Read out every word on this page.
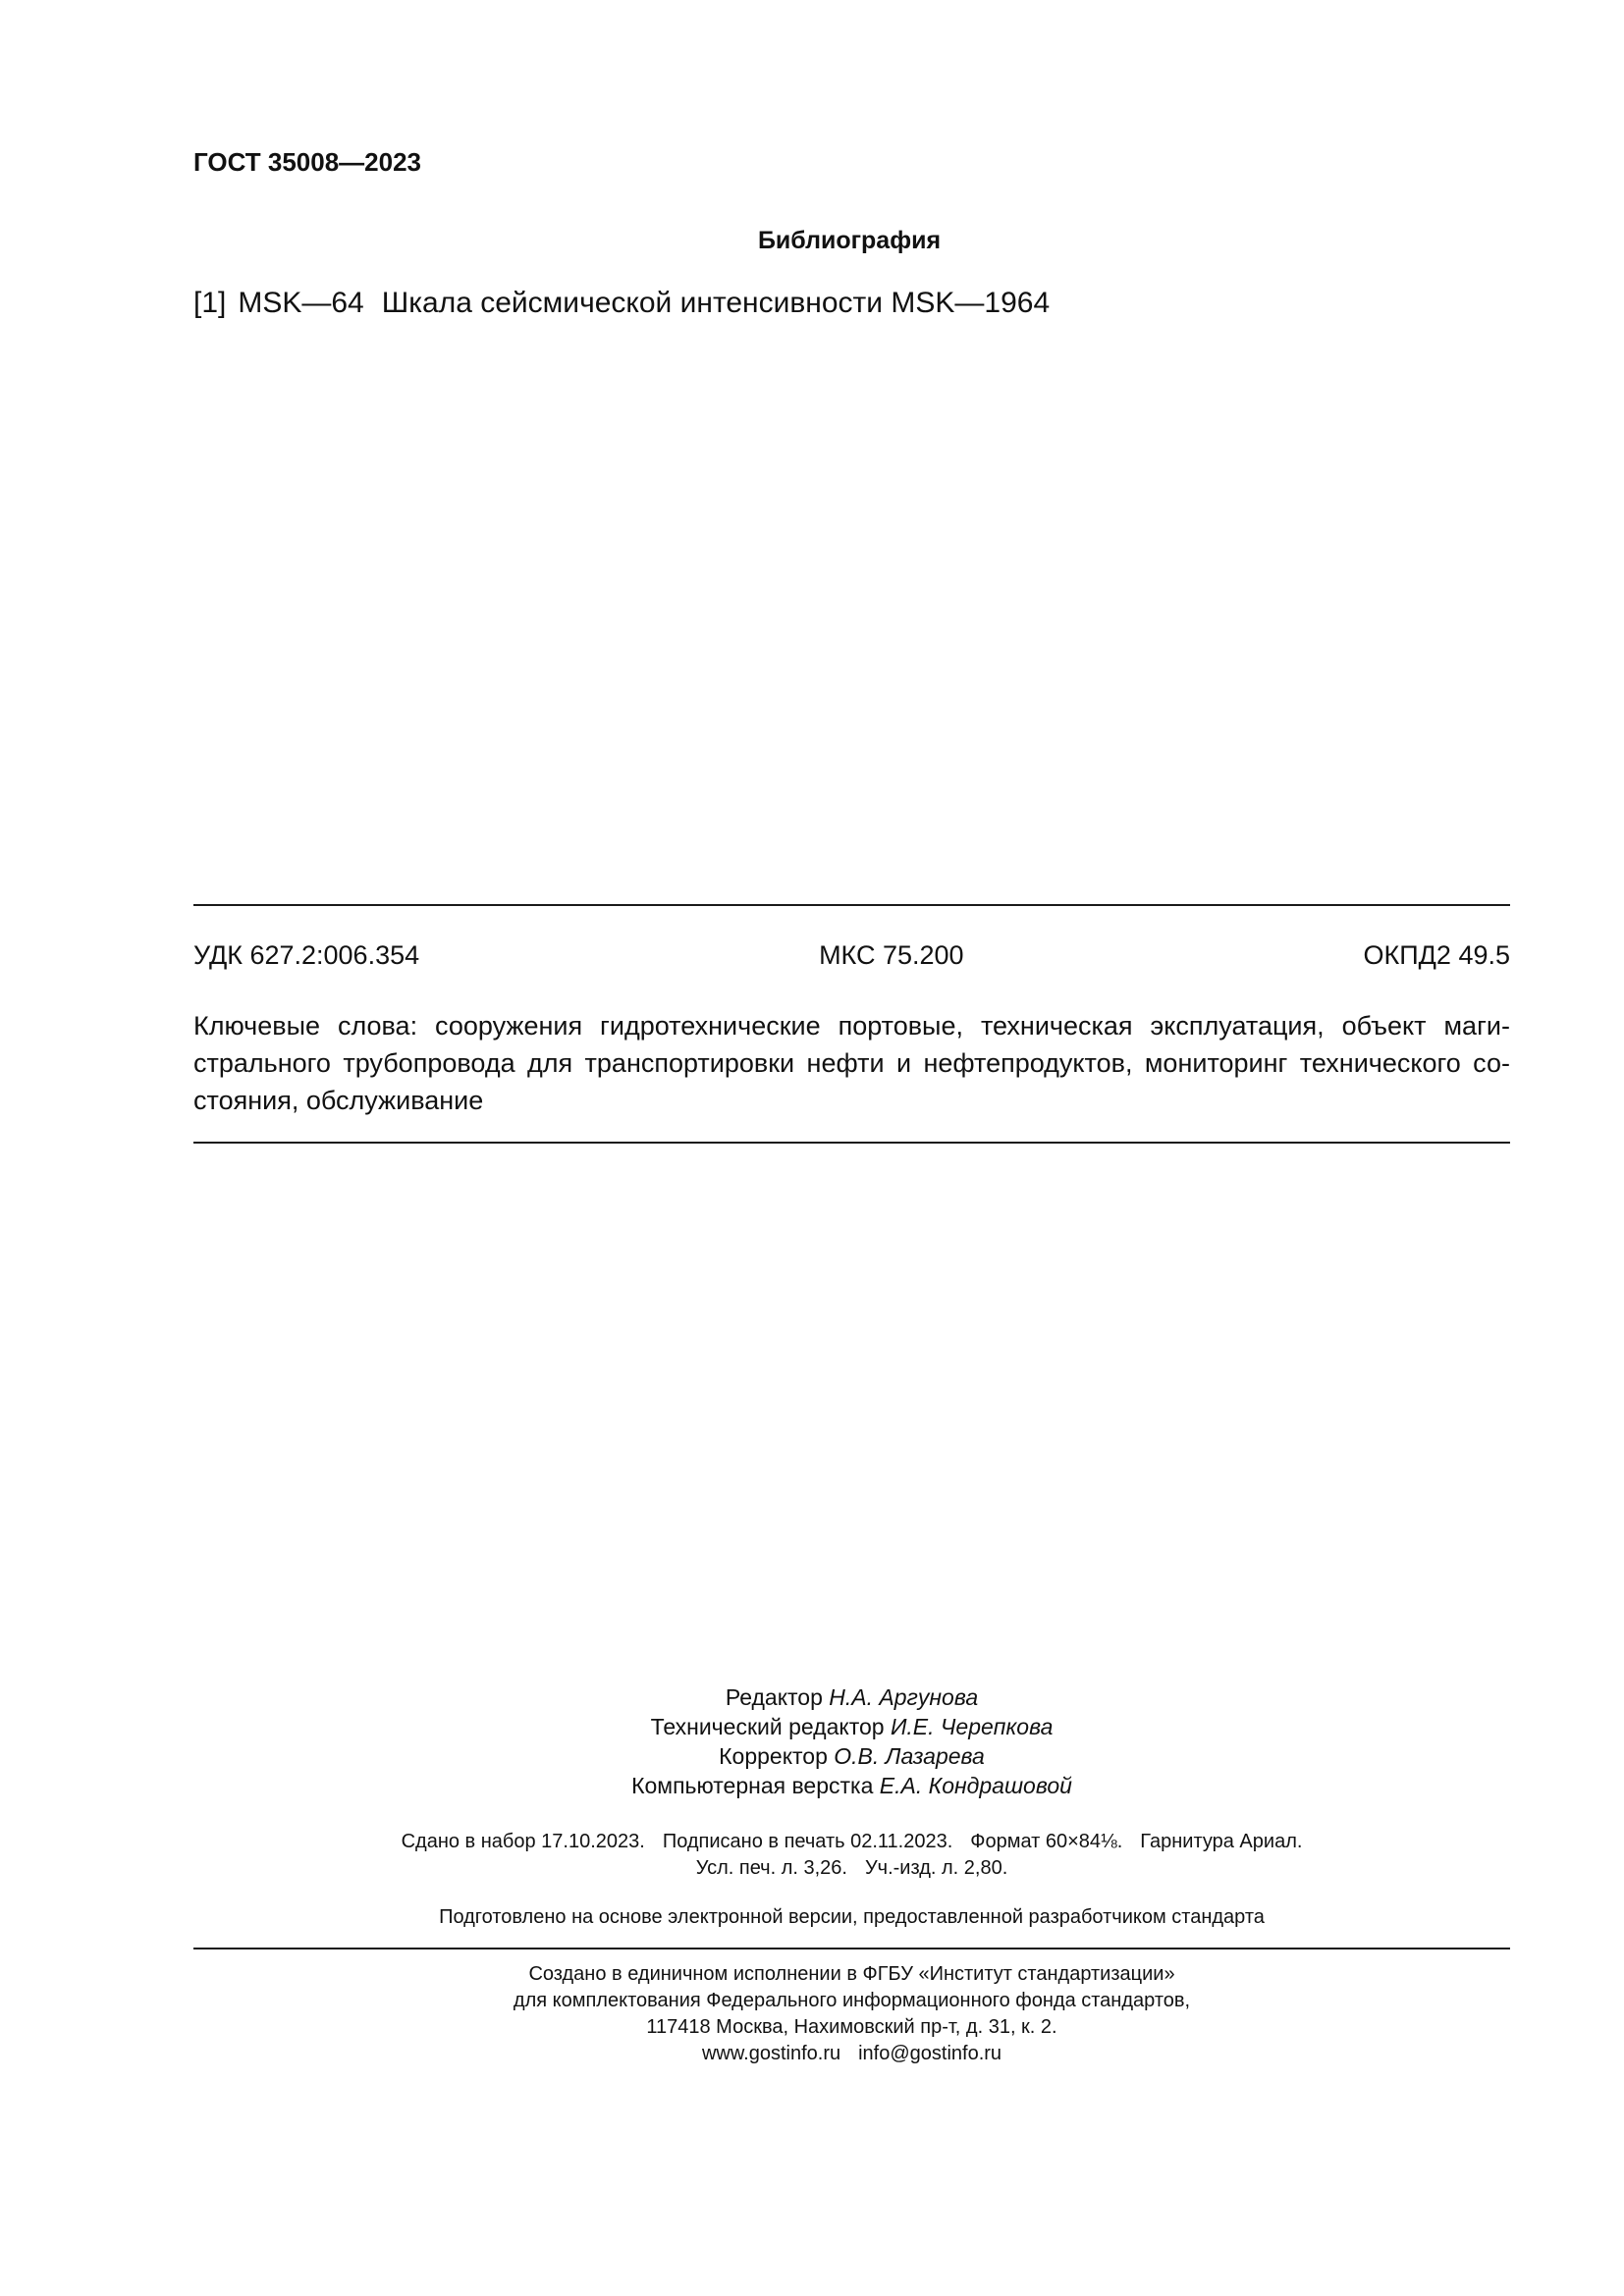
ГОСТ 35008—2023
Библиография
[1] MSK—64 Шкала сейсмической интенсивности MSK—1964
УДК 627.2:006.354	МКС 75.200	ОКПД2 49.5
Ключевые слова: сооружения гидротехнические портовые, техническая эксплуатация, объект маги-
стрального трубопровода для транспортировки нефти и нефтепродуктов, мониторинг технического со-
стояния, обслуживание
Редактор Н.А. Аргунова
Технический редактор И.Е. Черепкова
Корректор О.В. Лазарева
Компьютерная верстка Е.А. Кондрашовой
Сдано в набор 17.10.2023. Подписано в печать 02.11.2023. Формат 60×84⅛. Гарнитура Ариал.
Усл. печ. л. 3,26. Уч.-изд. л. 2,80.
Подготовлено на основе электронной версии, предоставленной разработчиком стандарта
Создано в единичном исполнении в ФГБУ «Институт стандартизации»
для комплектования Федерального информационного фонда стандартов,
117418 Москва, Нахимовский пр-т, д. 31, к. 2.
www.gostinfo.ru info@gostinfo.ru
